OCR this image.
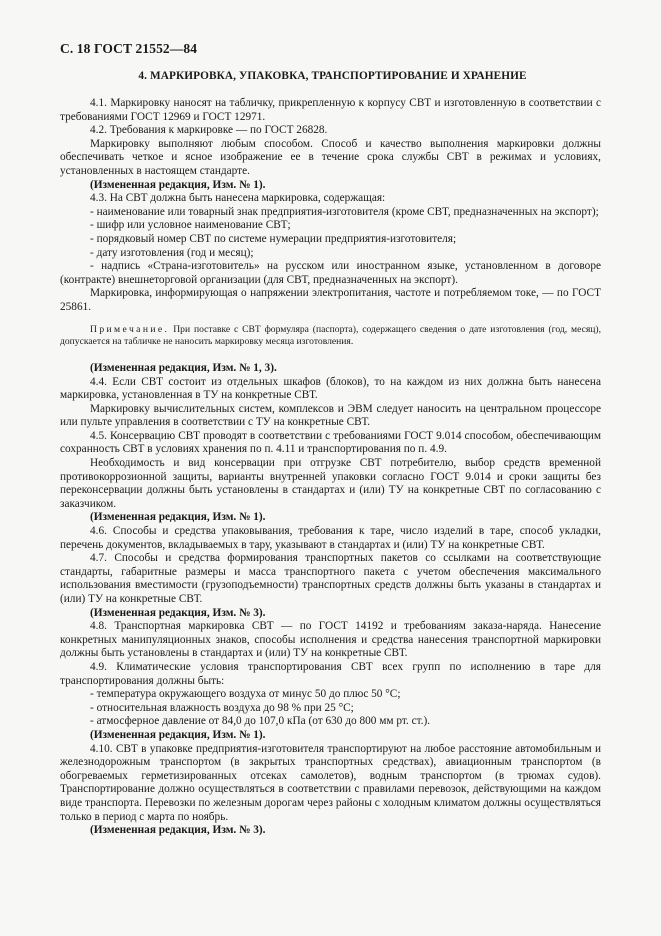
С. 18 ГОСТ 21552—84
4. МАРКИРОВКА, УПАКОВКА, ТРАНСПОРТИРОВАНИЕ И ХРАНЕНИЕ

4.1. Маркировку наносят на табличку, прикрепленную к корпусу СВТ и изготовленную в соответствии с требованиями ГОСТ 12969 и ГОСТ 12971.

4.2. Требования к маркировке — по ГОСТ 26828.

Маркировку выполняют любым способом. Способ и качество выполнения маркировки должны обеспечивать четкое и ясное изображение ее в течение срока службы СВТ в режимах и условиях, установленных в настоящем стандарте.

(Измененная редакция, Изм. № 1).

4.3. На СВТ должна быть нанесена маркировка, содержащая:

- наименование или товарный знак предприятия-изготовителя (кроме СВТ, предназначенных на экспорт);

- шифр или условное наименование СВТ;

- порядковый номер СВТ по системе нумерации предприятия-изготовителя;

- дату изготовления (год и месяц);

- надпись «Страна-изготовитель» на русском или иностранном языке, установленном в договоре (контракте) внешнеторговой организации (для СВТ, предназначенных на экспорт).

Маркировка, информирующая о напряжении электропитания, частоте и потребляемом токе, — по ГОСТ 25861.

Примечание. При поставке с СВТ формуляра (паспорта), содержащего сведения о дате изготовления (год, месяц), допускается на табличке не наносить маркировку месяца изготовления.

(Измененная редакция, Изм. № 1, 3).

4.4. Если СВТ состоит из отдельных шкафов (блоков), то на каждом из них должна быть нанесена маркировка, установленная в ТУ на конкретные СВТ.

Маркировку вычислительных систем, комплексов и ЭВМ следует наносить на центральном процессоре или пульте управления в соответствии с ТУ на конкретные СВТ.

4.5. Консервацию СВТ проводят в соответствии с требованиями ГОСТ 9.014 способом, обеспечивающим сохранность СВТ в условиях хранения по п. 4.11 и транспортирования по п. 4.9.

Необходимость и вид консервации при отгрузке СВТ потребителю, выбор средств временной противокоррозионной защиты, варианты внутренней упаковки согласно ГОСТ 9.014 и сроки защиты без переконсервации должны быть установлены в стандартах и (или) ТУ на конкретные СВТ по согласованию с заказчиком.

(Измененная редакция, Изм. № 1).

4.6. Способы и средства упаковывания, требования к таре, число изделий в таре, способ укладки, перечень документов, вкладываемых в тару, указывают в стандартах и (или) ТУ на конкретные СВТ.

4.7. Способы и средства формирования транспортных пакетов со ссылками на соответствующие стандарты, габаритные размеры и масса транспортного пакета с учетом обеспечения максимального использования вместимости (грузоподъемности) транспортных средств должны быть указаны в стандартах и (или) ТУ на конкретные СВТ.

(Измененная редакция, Изм. № 3).

4.8. Транспортная маркировка СВТ — по ГОСТ 14192 и требованиям заказа-наряда. Нанесение конкретных манипуляционных знаков, способы исполнения и средства нанесения транспортной маркировки должны быть установлены в стандартах и (или) ТУ на конкретные СВТ.

4.9. Климатические условия транспортирования СВТ всех групп по исполнению в таре для транспортирования должны быть:

- температура окружающего воздуха от минус 50 до плюс 50 °С;

- относительная влажность воздуха до 98 % при 25 °С;

- атмосферное давление от 84,0 до 107,0 кПа (от 630 до 800 мм рт. ст.).

(Измененная редакция, Изм. № 1).

4.10. СВТ в упаковке предприятия-изготовителя транспортируют на любое расстояние автомобильным и железнодорожным транспортом (в закрытых транспортных средствах), авиационным транспортом (в обогреваемых герметизированных отсеках самолетов), водным транспортом (в трюмах судов). Транспортирование должно осуществляться в соответствии с правилами перевозок, действующими на каждом виде транспорта. Перевозки по железным дорогам через районы с холодным климатом должны осуществляться только в период с марта по ноябрь.

(Измененная редакция, Изм. № 3).
